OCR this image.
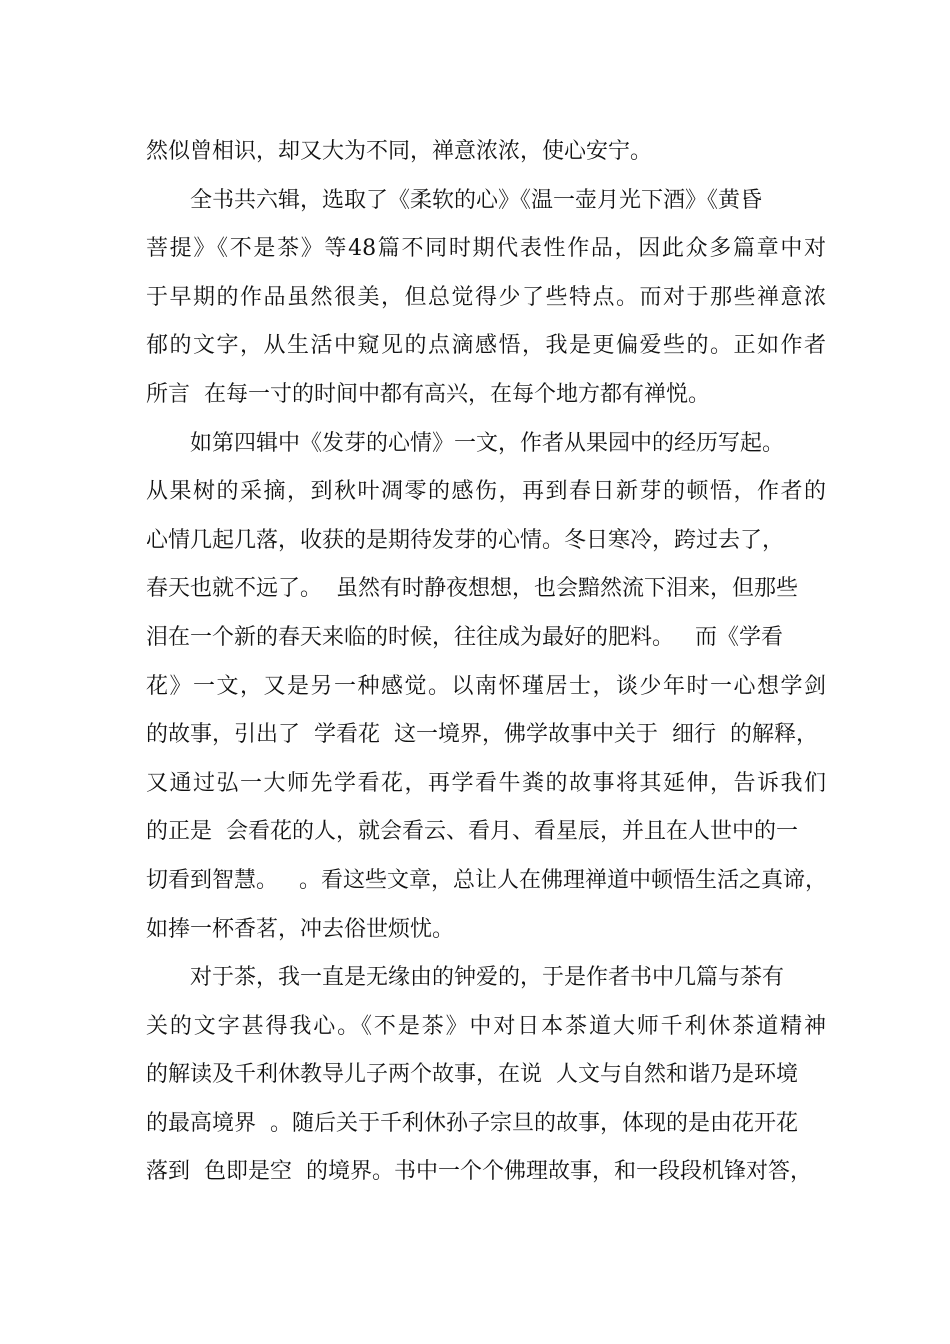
然似曾相识，却又大为不同，禅意浓浓，使心安宁。
全书共六辑，选取了《柔软的心》《温一壶月光下酒》《黄昏
菩提》《不是茶》等48篇不同时期代表性作品，因此众多篇章中对
于早期的作品虽然很美，但总觉得少了些特点。而对于那些禅意浓
郁的文字，从生活中窥见的点滴感悟，我是更偏爱些的。正如作者
所言  在每一寸的时间中都有高兴，在每个地方都有禅悦。
如第四辑中《发芽的心情》一文，作者从果园中的经历写起。
从果树的采摘，到秋叶凋零的感伤，再到春日新芽的顿悟，作者的
心情几起几落，收获的是期待发芽的心情。冬日寒冷，跨过去了，
春天也就不远了。  虽然有时静夜想想，也会黯然流下泪来，但那些
泪在一个新的春天来临的时候，往往成为最好的肥料。   而《学看
花》一文，又是另一种感觉。以南怀瑾居士，谈少年时一心想学剑
的故事，引出了  学看花  这一境界，佛学故事中关于  细行  的解释，
又通过弘一大师先学看花，再学看牛粪的故事将其延伸，告诉我们
的正是  会看花的人，就会看云、看月、看星辰，并且在人世中的一
切看到智慧。   。看这些文章，总让人在佛理禅道中顿悟生活之真谛，
如捧一杯香茗，冲去俗世烦忧。
对于茶，我一直是无缘由的钟爱的，于是作者书中几篇与茶有
关的文字甚得我心。《不是茶》中对日本茶道大师千利休茶道精神
的解读及千利休教导儿子两个故事，在说  人文与自然和谐乃是环境
的最高境界  。随后关于千利休孙子宗旦的故事，体现的是由花开花
落到  色即是空  的境界。书中一个个佛理故事，和一段段机锋对答，
